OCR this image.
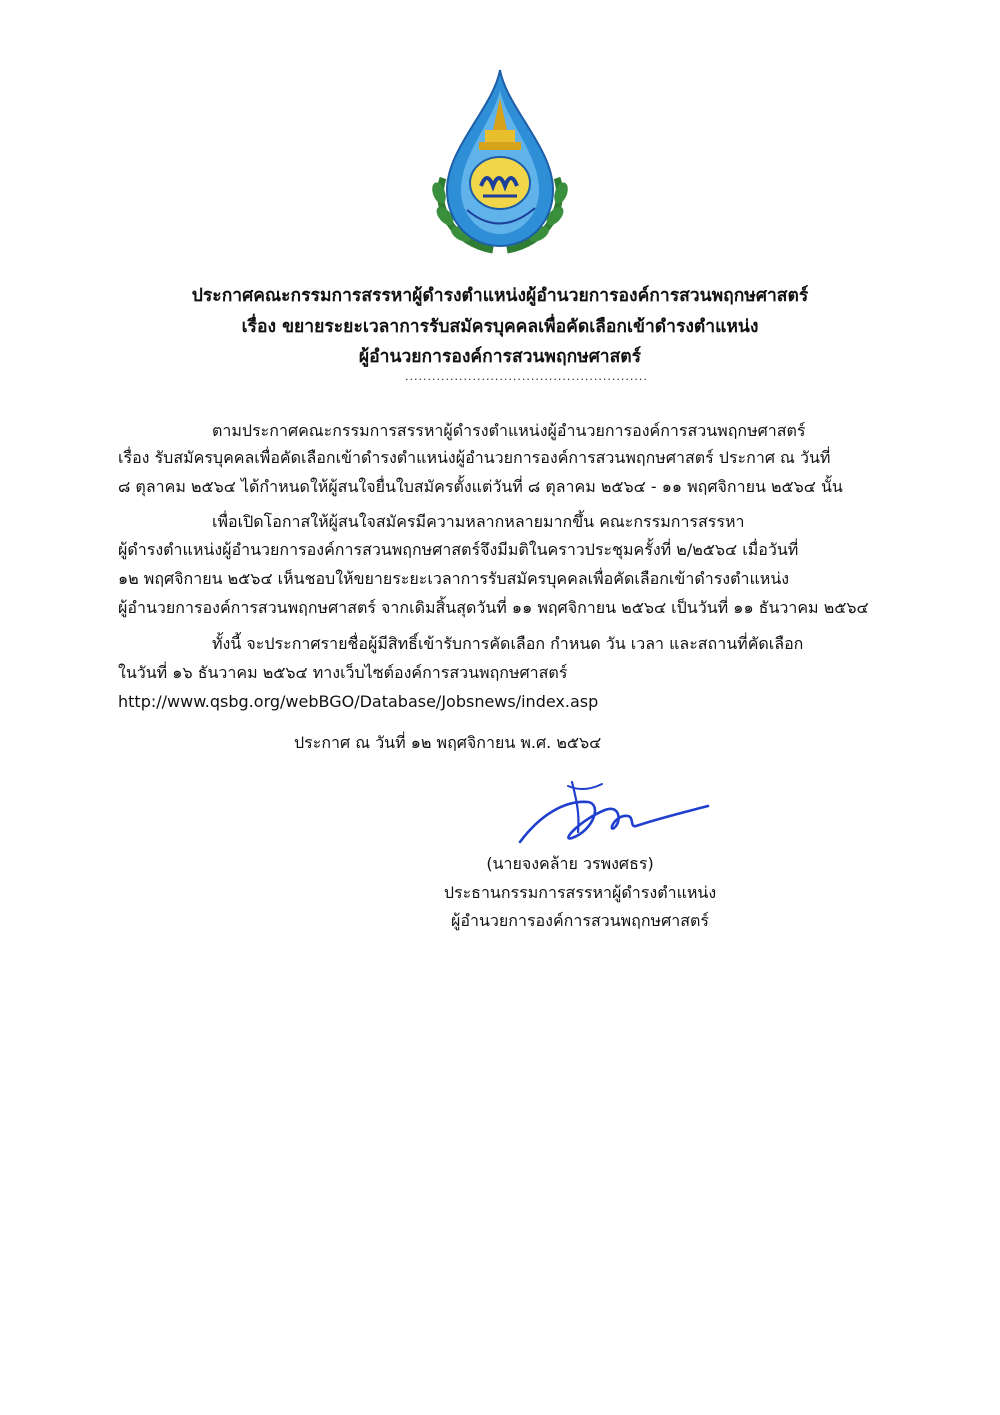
ประกาศคณะกรรมการสรรหาผู้ดำรงตำแหน่งผู้อำนวยการองค์การสวนพฤกษศาสตร์
เรื่อง ขยายระยะเวลาการรับสมัครบุคคลเพื่อคัดเลือกเข้าดำรงตำแหน่ง
ผู้อำนวยการองค์การสวนพฤกษศาสตร์
......................................................
ตามประกาศคณะกรรมการสรรหาผู้ดำรงตำแหน่งผู้อำนวยการองค์การสวนพฤกษศาสตร์
เรื่อง รับสมัครบุคคลเพื่อคัดเลือกเข้าดำรงตำแหน่งผู้อำนวยการองค์การสวนพฤกษศาสตร์ ประกาศ ณ วันที่
๘ ตุลาคม ๒๕๖๔ ได้กำหนดให้ผู้สนใจยื่นใบสมัครตั้งแต่วันที่ ๘ ตุลาคม ๒๕๖๔ - ๑๑ พฤศจิกายน ๒๕๖๔ นั้น
เพื่อเปิดโอกาสให้ผู้สนใจสมัครมีความหลากหลายมากขึ้น คณะกรรมการสรรหา
ผู้ดำรงตำแหน่งผู้อำนวยการองค์การสวนพฤกษศาสตร์จึงมีมติในคราวประชุมครั้งที่ ๒/๒๕๖๔ เมื่อวันที่
๑๒ พฤศจิกายน ๒๕๖๔ เห็นชอบให้ขยายระยะเวลาการรับสมัครบุคคลเพื่อคัดเลือกเข้าดำรงตำแหน่ง
ผู้อำนวยการองค์การสวนพฤกษศาสตร์ จากเดิมสิ้นสุดวันที่ ๑๑ พฤศจิกายน ๒๕๖๔ เป็นวันที่ ๑๑ ธันวาคม ๒๕๖๔
ทั้งนี้ จะประกาศรายชื่อผู้มีสิทธิ์เข้ารับการคัดเลือก กำหนด วัน เวลา และสถานที่คัดเลือก
ในวันที่ ๑๖ ธันวาคม ๒๕๖๔ ทางเว็บไซต์องค์การสวนพฤกษศาสตร์
http://www.qsbg.org/webBGO/Database/Jobsnews/index.asp
ประกาศ ณ วันที่ ๑๒ พฤศจิกายน พ.ศ. ๒๕๖๔
(นายจงคล้าย วรพงศธร)
ประธานกรรมการสรรหาผู้ดำรงตำแหน่ง
ผู้อำนวยการองค์การสวนพฤกษศาสตร์
